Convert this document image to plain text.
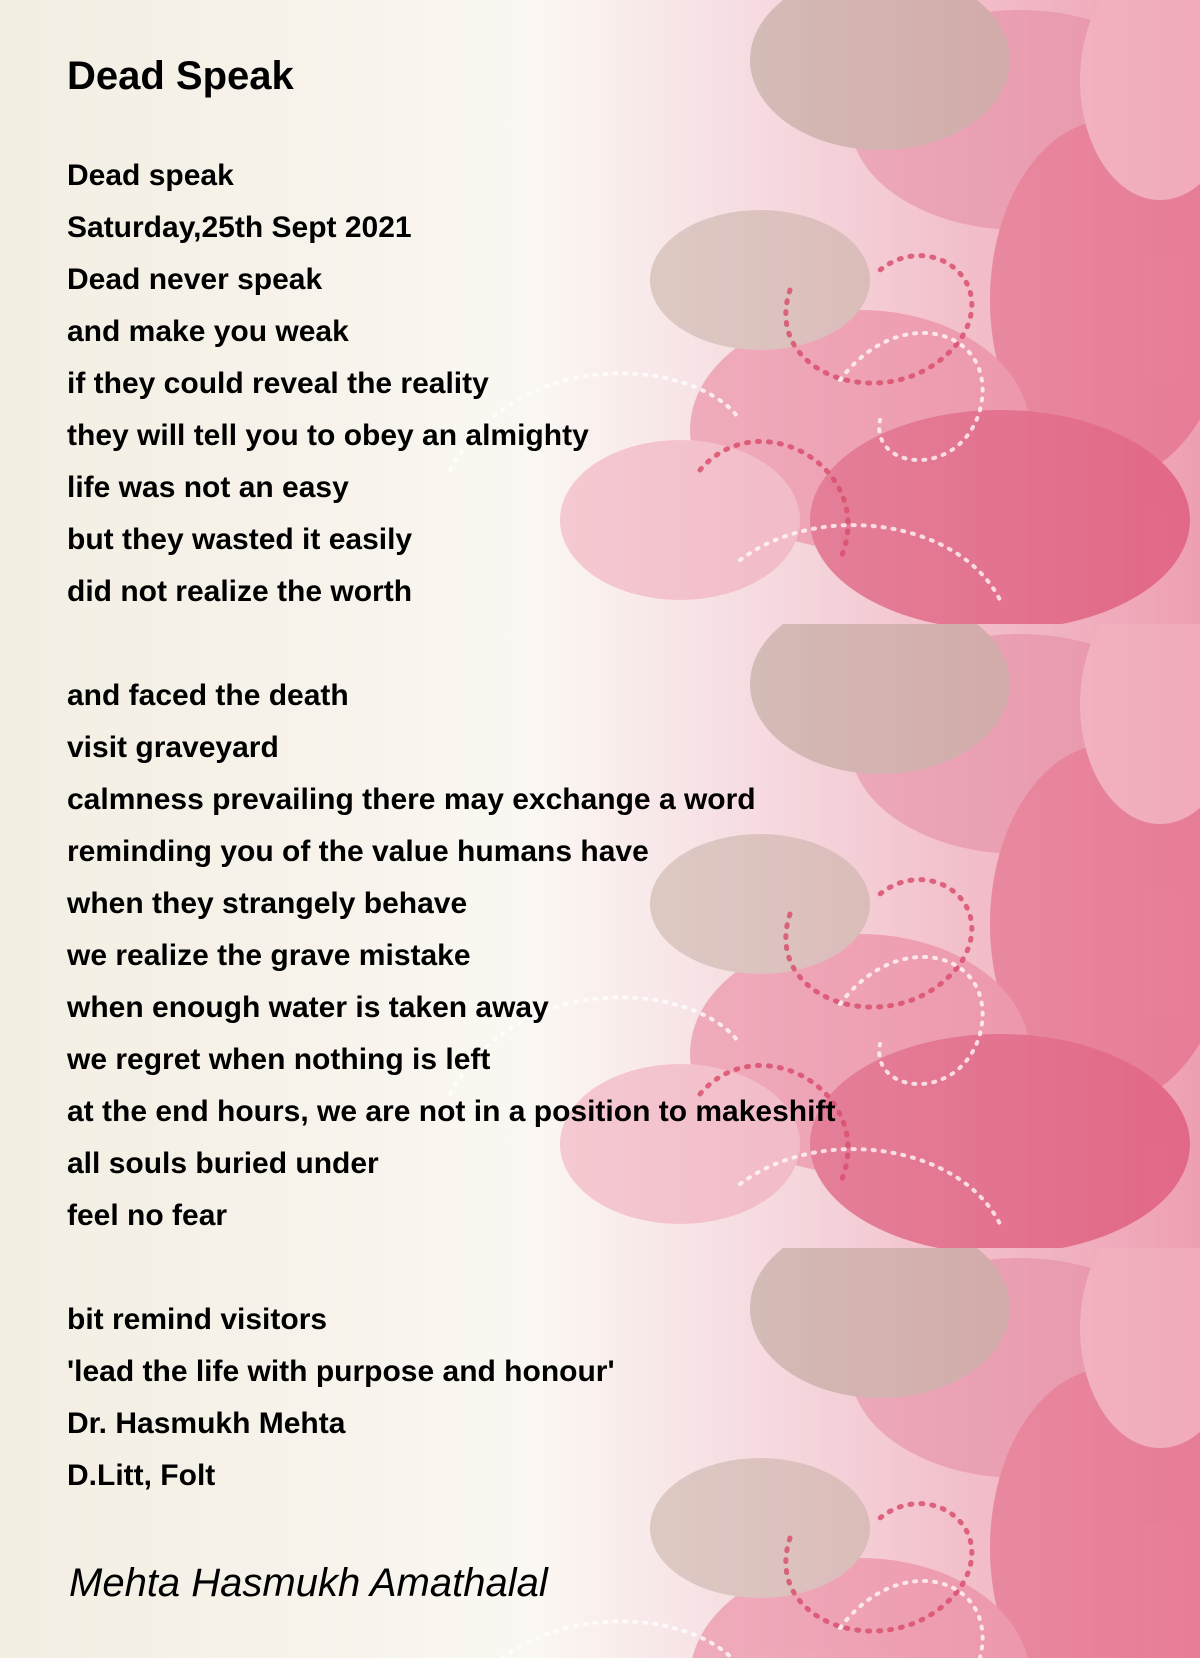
Dead Speak
Dead speak
Saturday,25th Sept 2021
Dead never speak
and make you weak
if they could reveal the reality
they will tell you to obey an almighty
life was not an easy
but they wasted it easily
did not realize the worth
and faced the death
visit graveyard
calmness prevailing there may exchange a word
reminding you of the value humans have
when they strangely behave
we realize the grave mistake
when enough water is taken away
we regret when nothing is left
at the end hours, we are not in a position to makeshift
all souls buried under
feel no fear
bit remind visitors
'lead the life with purpose and honour'
Dr. Hasmukh Mehta
D.Litt, Folt

Mehta Hasmukh Amathalal
